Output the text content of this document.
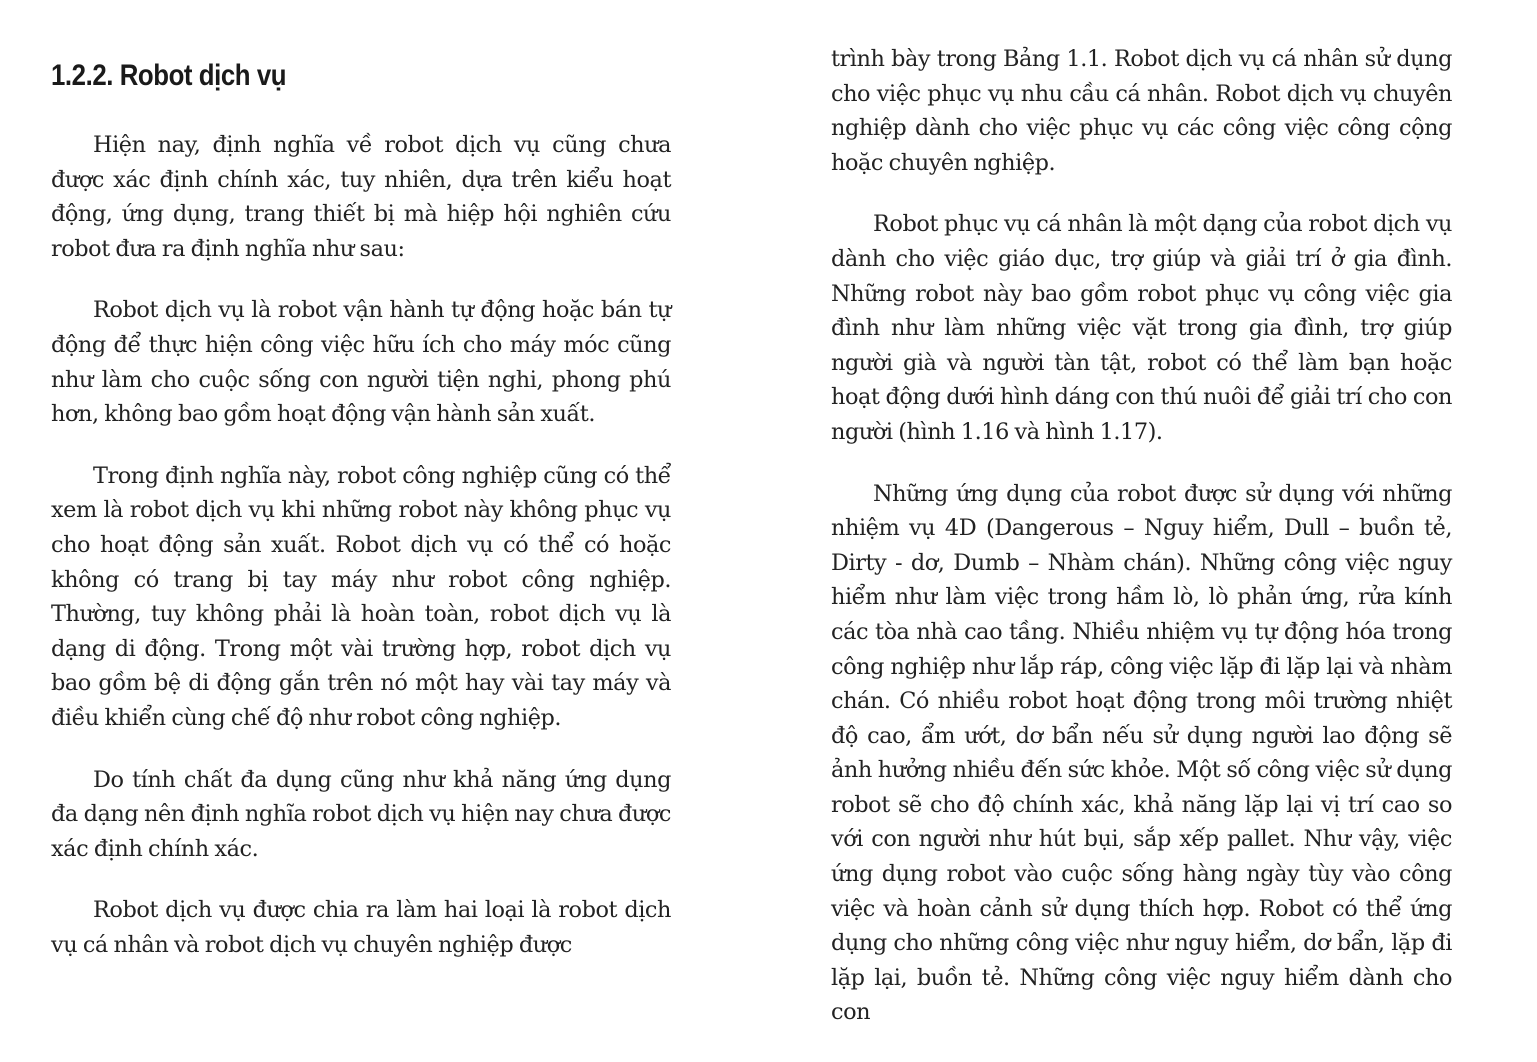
1.2.2. Robot dịch vụ

Hiện nay, định nghĩa về robot dịch vụ cũng chưa được xác định chính xác, tuy nhiên, dựa trên kiểu hoạt động, ứng dụng, trang thiết bị mà hiệp hội nghiên cứu robot đưa ra định nghĩa như sau:

Robot dịch vụ là robot vận hành tự động hoặc bán tự động để thực hiện công việc hữu ích cho máy móc cũng như làm cho cuộc sống con người tiện nghi, phong phú hơn, không bao gồm hoạt động vận hành sản xuất.

Trong định nghĩa này, robot công nghiệp cũng có thể xem là robot dịch vụ khi những robot này không phục vụ cho hoạt động sản xuất. Robot dịch vụ có thể có hoặc không có trang bị tay máy như robot công nghiệp. Thường, tuy không phải là hoàn toàn, robot dịch vụ là dạng di động. Trong một vài trường hợp, robot dịch vụ bao gồm bệ di động gắn trên nó một hay vài tay máy và điều khiển cùng chế độ như robot công nghiệp.

Do tính chất đa dụng cũng như khả năng ứng dụng đa dạng nên định nghĩa robot dịch vụ hiện nay chưa được xác định chính xác.

Robot dịch vụ được chia ra làm hai loại là robot dịch vụ cá nhân và robot dịch vụ chuyên nghiệp được

trình bày trong Bảng 1.1. Robot dịch vụ cá nhân sử dụng cho việc phục vụ nhu cầu cá nhân. Robot dịch vụ chuyên nghiệp dành cho việc phục vụ các công việc công cộng hoặc chuyên nghiệp.

Robot phục vụ cá nhân là một dạng của robot dịch vụ dành cho việc giáo dục, trợ giúp và giải trí ở gia đình. Những robot này bao gồm robot phục vụ công việc gia đình như làm những việc vặt trong gia đình, trợ giúp người già và người tàn tật, robot có thể làm bạn hoặc hoạt động dưới hình dáng con thú nuôi để giải trí cho con người (hình 1.16 và hình 1.17).

Những ứng dụng của robot được sử dụng với những nhiệm vụ 4D (Dangerous – Nguy hiểm, Dull – buồn tẻ, Dirty - dơ, Dumb – Nhàm chán). Những công việc nguy hiểm như làm việc trong hầm lò, lò phản ứng, rửa kính các tòa nhà cao tầng. Nhiều nhiệm vụ tự động hóa trong công nghiệp như lắp ráp, công việc lặp đi lặp lại và nhàm chán. Có nhiều robot hoạt động trong môi trường nhiệt độ cao, ẩm ướt, dơ bẩn nếu sử dụng người lao động sẽ ảnh hưởng nhiều đến sức khỏe. Một số công việc sử dụng robot sẽ cho độ chính xác, khả năng lặp lại vị trí cao so với con người như hút bụi, sắp xếp pallet. Như vậy, việc ứng dụng robot vào cuộc sống hàng ngày tùy vào công việc và hoàn cảnh sử dụng thích hợp. Robot có thể ứng dụng cho những công việc như nguy hiểm, dơ bẩn, lặp đi lặp lại, buồn tẻ. Những công việc nguy hiểm dành cho con
